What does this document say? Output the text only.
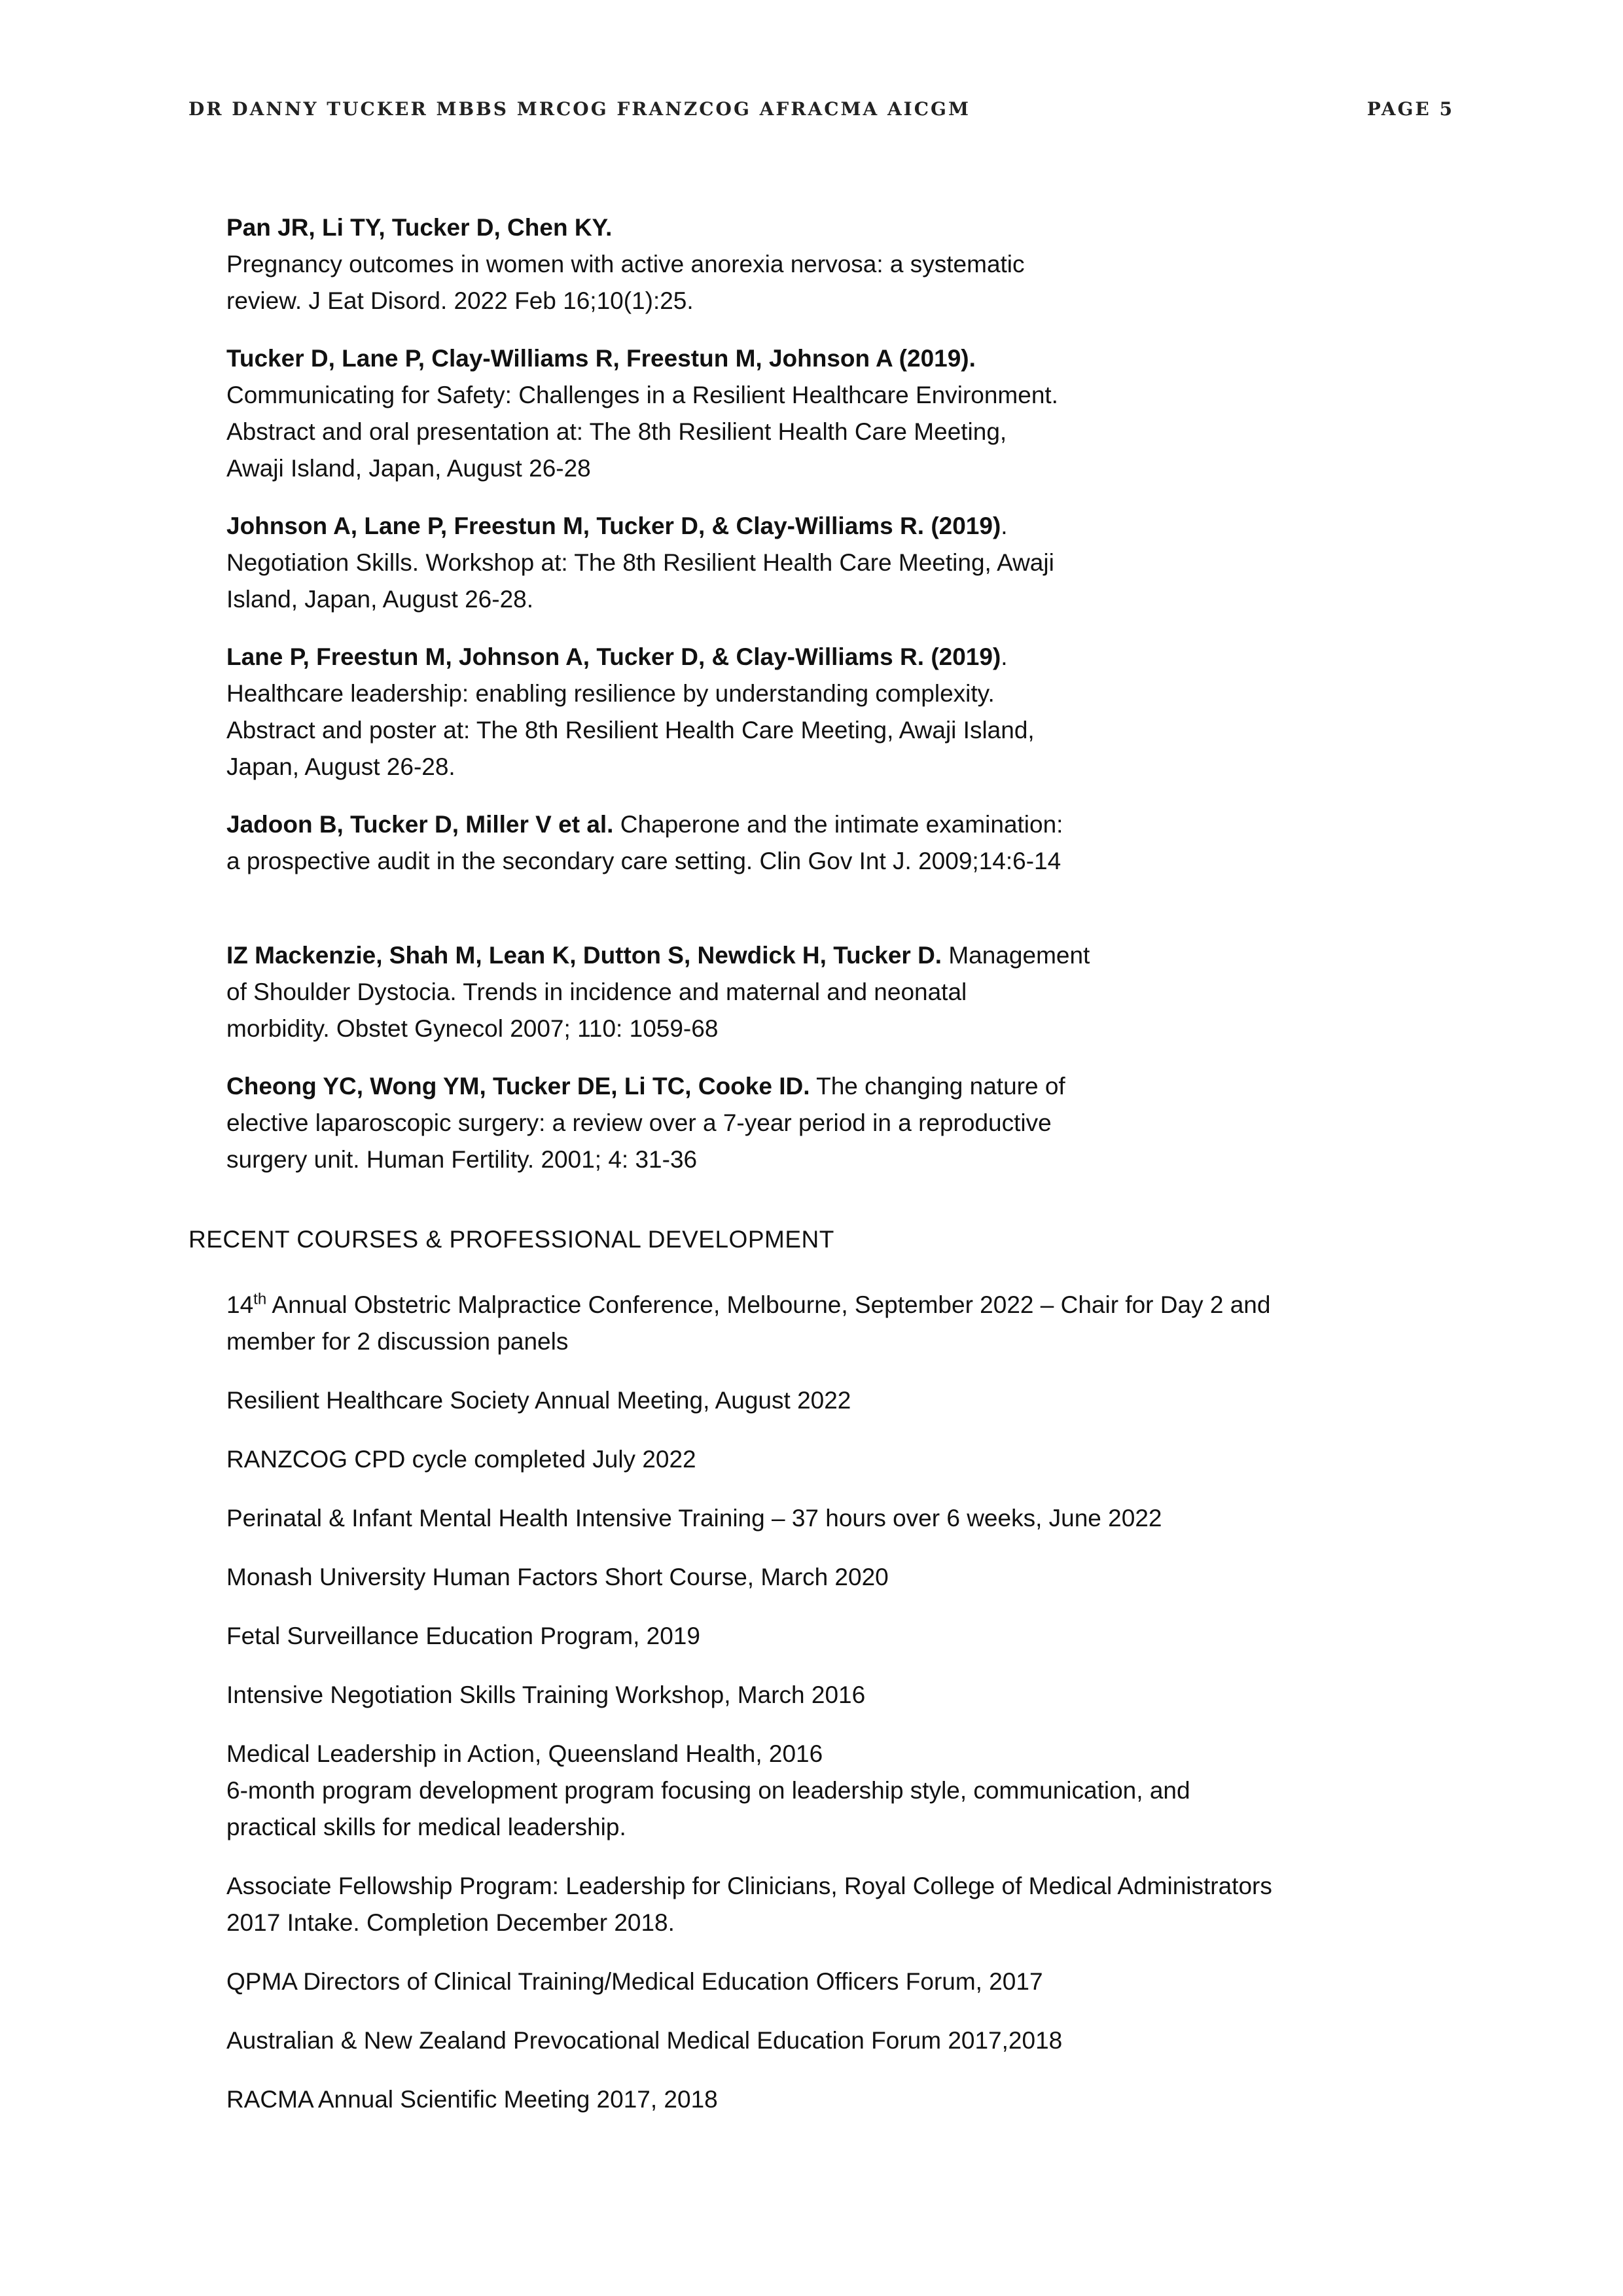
DR DANNY TUCKER MBBS MRCOG FRANZCOG AFRACMA AICGM	PAGE 5

Pan JR, Li TY, Tucker D, Chen KY.
Pregnancy outcomes in women with active anorexia nervosa: a systematic
review. J Eat Disord. 2022 Feb 16;10(1):25.

Tucker D, Lane P, Clay-Williams R, Freestun M, Johnson A (2019).
Communicating for Safety: Challenges in a Resilient Healthcare Environment.
Abstract and oral presentation at: The 8th Resilient Health Care Meeting,
Awaji Island, Japan, August 26-28

Johnson A, Lane P, Freestun M, Tucker D, & Clay-Williams R. (2019).
Negotiation Skills. Workshop at: The 8th Resilient Health Care Meeting, Awaji
Island, Japan, August 26-28.

Lane P, Freestun M, Johnson A, Tucker D, & Clay-Williams R. (2019).
Healthcare leadership: enabling resilience by understanding complexity.
Abstract and poster at: The 8th Resilient Health Care Meeting, Awaji Island,
Japan, August 26-28.

Jadoon B, Tucker D, Miller V et al. Chaperone and the intimate examination:
a prospective audit in the secondary care setting. Clin Gov Int J. 2009;14:6-14

IZ Mackenzie, Shah M, Lean K, Dutton S, Newdick H, Tucker D. Management
of Shoulder Dystocia. Trends in incidence and maternal and neonatal
morbidity. Obstet Gynecol 2007; 110: 1059-68

Cheong YC, Wong YM, Tucker DE, Li TC, Cooke ID. The changing nature of
elective laparoscopic surgery: a review over a 7-year period in a reproductive
surgery unit. Human Fertility. 2001; 4: 31-36

RECENT COURSES & PROFESSIONAL DEVELOPMENT

14th Annual Obstetric Malpractice Conference, Melbourne, September 2022 – Chair for Day 2 and
member for 2 discussion panels

Resilient Healthcare Society Annual Meeting, August 2022

RANZCOG CPD cycle completed July 2022

Perinatal & Infant Mental Health Intensive Training – 37 hours over 6 weeks, June 2022

Monash University Human Factors Short Course, March 2020

Fetal Surveillance Education Program, 2019

Intensive Negotiation Skills Training Workshop, March 2016

Medical Leadership in Action, Queensland Health, 2016
6-month program development program focusing on leadership style, communication, and
practical skills for medical leadership.

Associate Fellowship Program: Leadership for Clinicians, Royal College of Medical Administrators
2017 Intake. Completion December 2018.

QPMA Directors of Clinical Training/Medical Education Officers Forum, 2017

Australian & New Zealand Prevocational Medical Education Forum 2017,2018

RACMA Annual Scientific Meeting 2017, 2018
